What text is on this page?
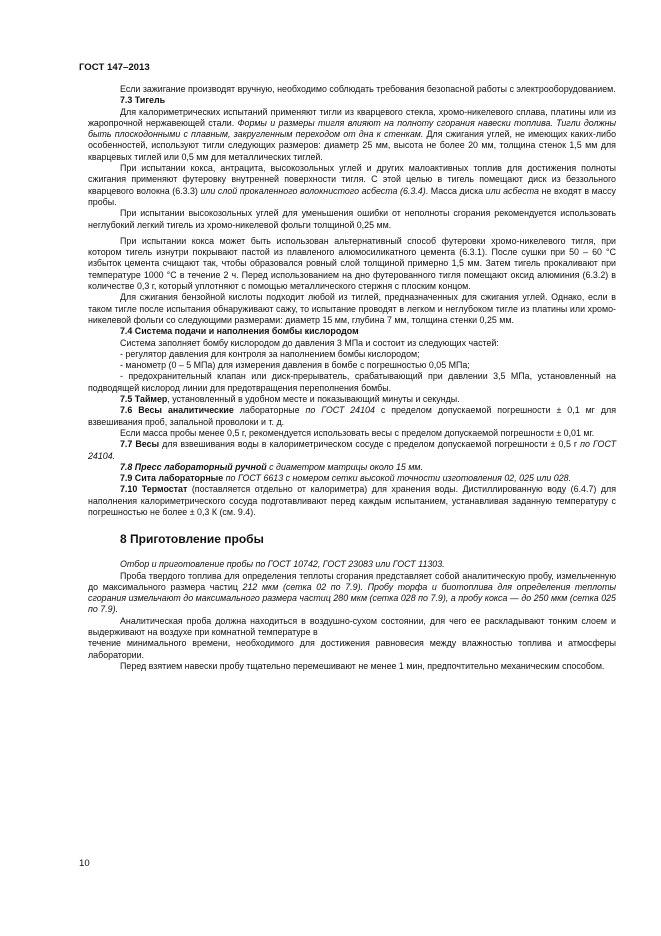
ГОСТ 147–2013

Если зажигание производят вручную, необходимо соблюдать требования безопасной работы с электрооборудованием.

7.3 Тигель

Для калориметрических испытаний применяют тигли из кварцевого стекла, хромо-никелевого сплава, платины или из жаропрочной нержавеющей стали. Формы и размеры тигля влияют на полноту сгорания навески топлива. Тигли должны быть плоскодонными с плавным, закругленным переходом от дна к стенкам. Для сжигания углей, не имеющих каких-либо особенностей, используют тигли следующих размеров: диаметр 25 мм, высота не более 20 мм, толщина стенок 1,5 мм для кварцевых тиглей или 0,5 мм для металлических тиглей.

При испытании кокса, антрацита, высокозольных углей и других малоактивных топлив для достижения полноты сжигания применяют футеровку внутренней поверхности тигля. С этой целью в тигель помещают диск из беззольного кварцевого волокна (6.3.3) или слой прокаленного волокнистого асбеста (6.3.4). Масса диска или асбеста не входят в массу пробы.

При испытании высокозольных углей для уменьшения ошибки от неполноты сгорания рекомендуется использовать неглубокий легкий тигель из хромо-никелевой фольги толщиной 0,25 мм.

При испытании кокса может быть использован альтернативный способ футеровки хромо-никелевого тигля, при котором тигель изнутри покрывают пастой из плавленого алюмосиликатного цемента (6.3.1). После сушки при 50 – 60 °С избыток цемента счищают так, чтобы образовался ровный слой толщиной примерно 1,5 мм. Затем тигель прокаливают при температуре 1000 °С в течение 2 ч. Перед использованием на дно футерованного тигля помещают оксид алюминия (6.3.2) в количестве 0,3 г, который уплотняют с помощью металлического стержня с плоским концом.

Для сжигания бензойной кислоты подходит любой из тиглей, предназначенных для сжигания углей. Однако, если в таком тигле после испытания обнаруживают сажу, то испытание проводят в легком и неглубоком тигле из платины или хромо-никелевой фольги со следующими размерами: диаметр 15 мм, глубина 7 мм, толщина стенки 0,25 мм.

7.4 Система подачи и наполнения бомбы кислородом

Система заполняет бомбу кислородом до давления 3 МПа и состоит из следующих частей:

- регулятор давления для контроля за наполнением бомбы кислородом;

- манометр (0 – 5 МПа) для измерения давления в бомбе с погрешностью 0,05 МПа;

- предохранительный клапан или диск-прерыватель, срабатывающий при давлении 3,5 МПа, установленный на подводящей кислород линии для предотвращения переполнения бомбы.

7.5 Таймер, установленный в удобном месте и показывающий минуты и секунды.

7.6 Весы аналитические лабораторные по ГОСТ 24104 с пределом допускаемой погрешности ± 0,1 мг для взвешивания проб, запальной проволоки и т. д.

Если масса пробы менее 0,5 г, рекомендуется использовать весы с пределом допускаемой погрешности ± 0,01 мг.

7.7 Весы для взвешивания воды в калориметрическом сосуде с пределом допускаемой погрешности ± 0,5 г по ГОСТ 24104.

7.8 Пресс лабораторный ручной с диаметром матрицы около 15 мм.

7.9 Сита лабораторные по ГОСТ 6613 с номером сетки высокой точности изготовления 02, 025 или 028.

7.10 Термостат (поставляется отдельно от калориметра) для хранения воды. Дистиллированную воду (6.4.7) для наполнения калориметрического сосуда подготавливают перед каждым испытанием, устанавливая заданную температуру с погрешностью не более ± 0,3 К (см. 9.4).

8 Приготовление пробы

Отбор и приготовление пробы по ГОСТ 10742, ГОСТ 23083 или ГОСТ 11303.

Проба твердого топлива для определения теплоты сгорания представляет собой аналитическую пробу, измельченную до максимального размера частиц 212 мкм (сетка 02 по 7.9). Пробу торфа и биотоплива для определения теплоты сгорания измельчают до максимального размера частиц 280 мкм (сетка 028 по 7.9), а пробу кокса — до 250 мкм (сетка 025 по 7.9).

Аналитическая проба должна находиться в воздушно-сухом состоянии, для чего ее раскладывают тонким слоем и выдерживают на воздухе при комнатной температуре в

течение минимального времени, необходимого для достижения равновесия между влажностью топлива и атмосферы лаборатории.

Перед взятием навески пробу тщательно перемешивают не менее 1 мин, предпочтительно механическим способом.

10
